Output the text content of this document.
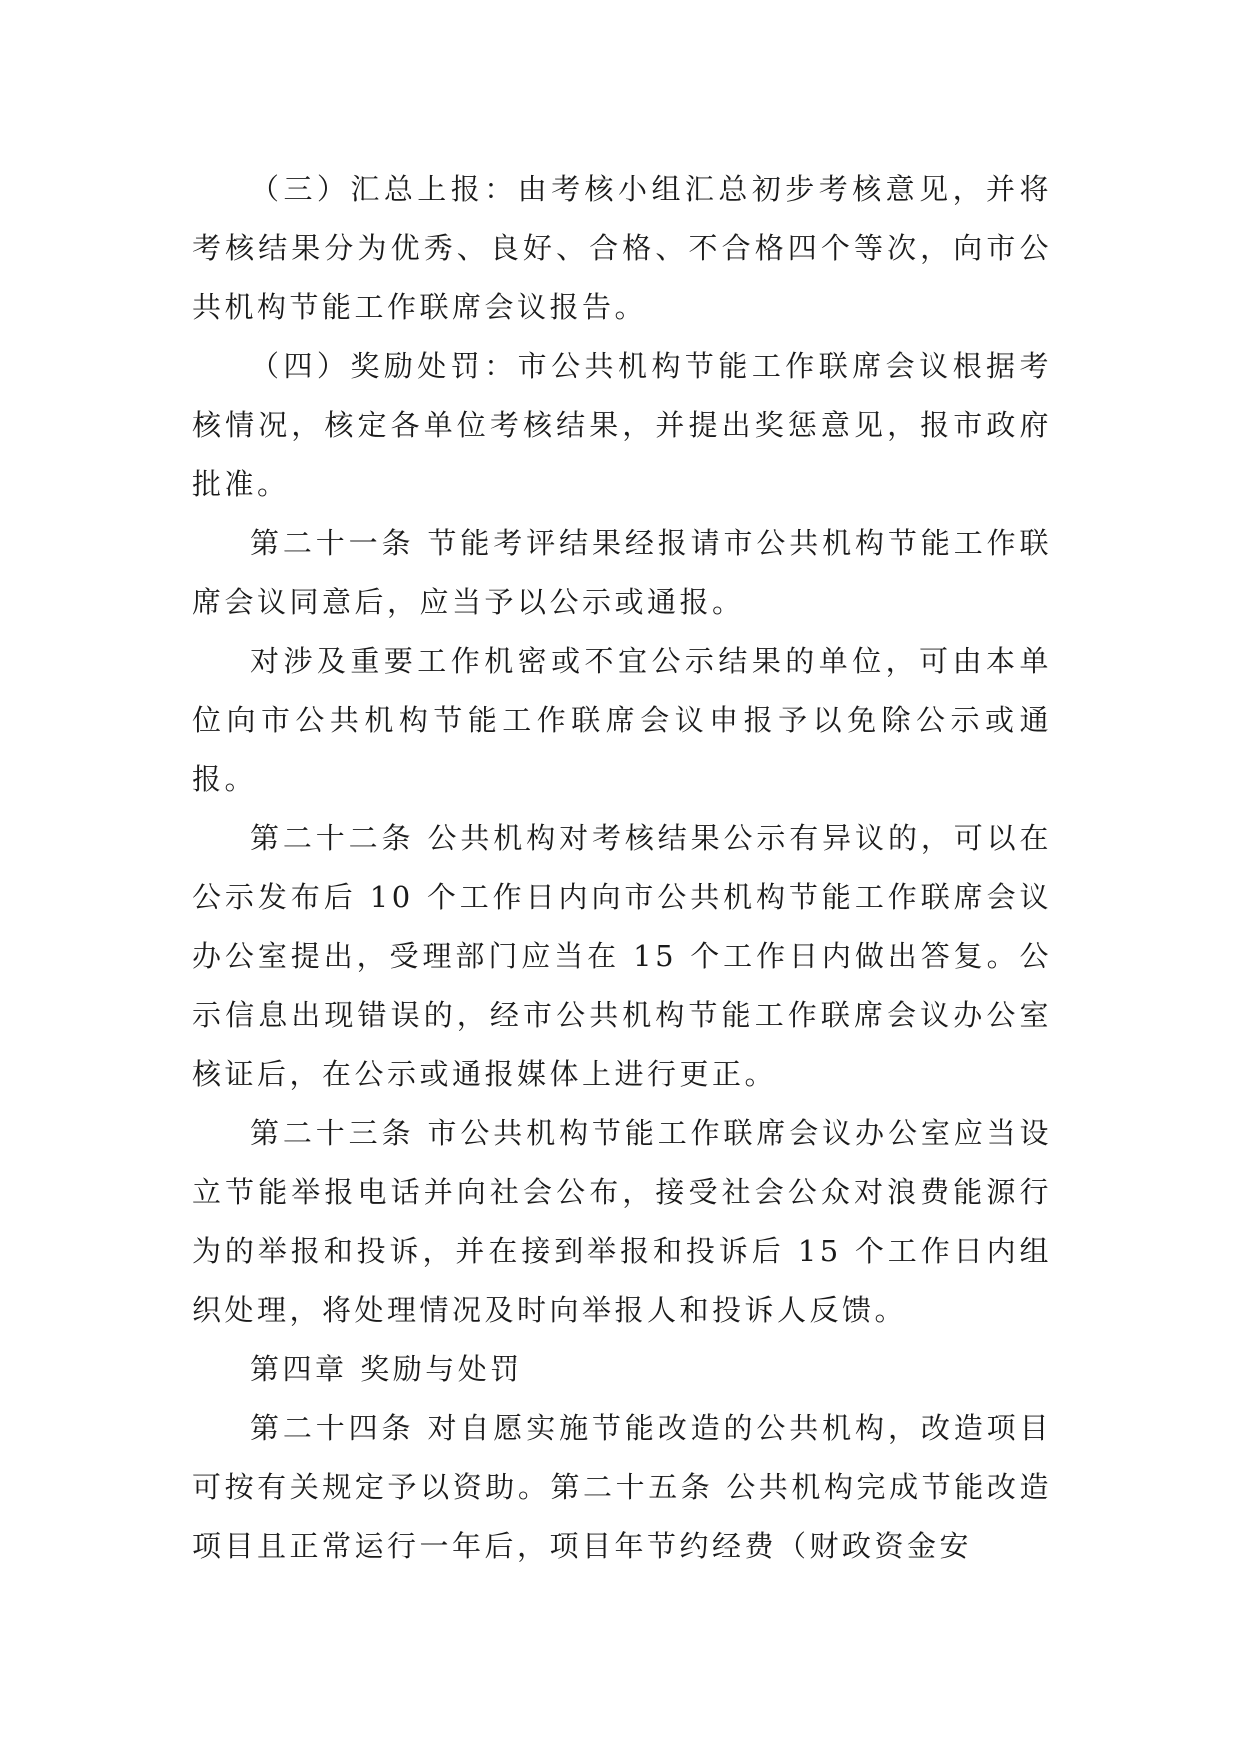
（三）汇总上报：由考核小组汇总初步考核意见，并将考核结果分为优秀、良好、合格、不合格四个等次，向市公共机构节能工作联席会议报告。

（四）奖励处罚：市公共机构节能工作联席会议根据考核情况，核定各单位考核结果，并提出奖惩意见，报市政府批准。

第二十一条 节能考评结果经报请市公共机构节能工作联席会议同意后，应当予以公示或通报。

对涉及重要工作机密或不宜公示结果的单位，可由本单位向市公共机构节能工作联席会议申报予以免除公示或通报。

第二十二条 公共机构对考核结果公示有异议的，可以在公示发布后 10 个工作日内向市公共机构节能工作联席会议办公室提出，受理部门应当在 15 个工作日内做出答复。公示信息出现错误的，经市公共机构节能工作联席会议办公室核证后，在公示或通报媒体上进行更正。

第二十三条 市公共机构节能工作联席会议办公室应当设立节能举报电话并向社会公布，接受社会公众对浪费能源行为的举报和投诉，并在接到举报和投诉后 15 个工作日内组织处理，将处理情况及时向举报人和投诉人反馈。

第四章 奖励与处罚

第二十四条 对自愿实施节能改造的公共机构，改造项目可按有关规定予以资助。第二十五条 公共机构完成节能改造项目且正常运行一年后，项目年节约经费（财政资金安
